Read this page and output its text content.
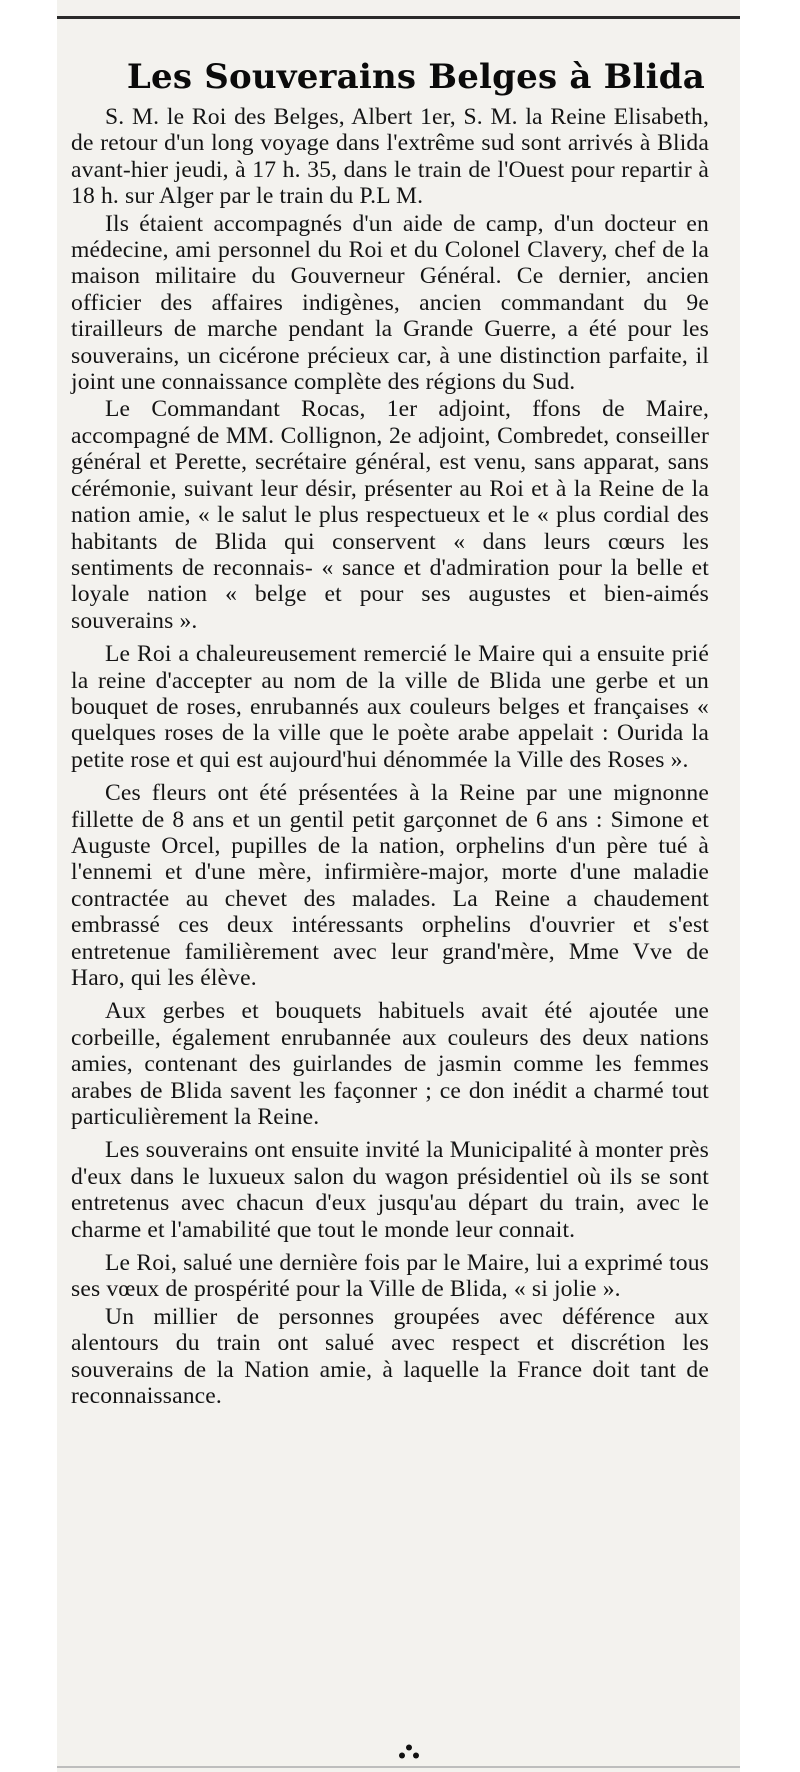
Les Souverains Belges à Blida

S. M. le Roi des Belges, Albert 1er, S. M. la Reine Elisabeth, de retour d'un long voyage dans l'extrême sud sont arrivés à Blida avant-hier jeudi, à 17 h. 35, dans le train de l'Ouest pour repartir à 18 h. sur Alger par le train du P.L M.

Ils étaient accompagnés d'un aide de camp, d'un docteur en médecine, ami personnel du Roi et du Colonel Clavery, chef de la maison militaire du Gouverneur Général. Ce dernier, ancien officier des affaires indigènes, ancien commandant du 9e tirailleurs de marche pendant la Grande Guerre, a été pour les souverains, un cicérone précieux car, à une distinction parfaite, il joint une connaissance complète des régions du Sud.

Le Commandant Rocas, 1er adjoint, ffons de Maire, accompagné de MM. Collignon, 2e adjoint, Combredet, conseiller général et Perette, secrétaire général, est venu, sans apparat, sans cérémonie, suivant leur désir, présenter au Roi et à la Reine de la nation amie, « le salut le plus respectueux et le « plus cordial des habitants de Blida qui conservent « dans leurs cœurs les sentiments de reconnais- « sance et d'admiration pour la belle et loyale nation « belge et pour ses augustes et bien-aimés souverains ».

Le Roi a chaleureusement remercié le Maire qui a ensuite prié la reine d'accepter au nom de la ville de Blida une gerbe et un bouquet de roses, enrubannés aux couleurs belges et françaises « quelques roses de la ville que le poète arabe appelait : Ourida la petite rose et qui est aujourd'hui dénommée la Ville des Roses ».

Ces fleurs ont été présentées à la Reine par une mignonne fillette de 8 ans et un gentil petit garçonnet de 6 ans : Simone et Auguste Orcel, pupilles de la nation, orphelins d'un père tué à l'ennemi et d'une mère, infirmière-major, morte d'une maladie contractée au chevet des malades. La Reine a chaudement embrassé ces deux intéressants orphelins d'ouvrier et s'est entretenue familièrement avec leur grand'mère, Mme Vve de Haro, qui les élève.

Aux gerbes et bouquets habituels avait été ajoutée une corbeille, également enrubannée aux couleurs des deux nations amies, contenant des guirlandes de jasmin comme les femmes arabes de Blida savent les façonner ; ce don inédit a charmé tout particulièrement la Reine.

Les souverains ont ensuite invité la Municipalité à monter près d'eux dans le luxueux salon du wagon présidentiel où ils se sont entretenus avec chacun d'eux jusqu'au départ du train, avec le charme et l'amabilité que tout le monde leur connait.

Le Roi, salué une dernière fois par le Maire, lui a exprimé tous ses vœux de prospérité pour la Ville de Blida, « si jolie ».

Un millier de personnes groupées avec déférence aux alentours du train ont salué avec respect et discrétion les souverains de la Nation amie, à laquelle la France doit tant de reconnaissance.
